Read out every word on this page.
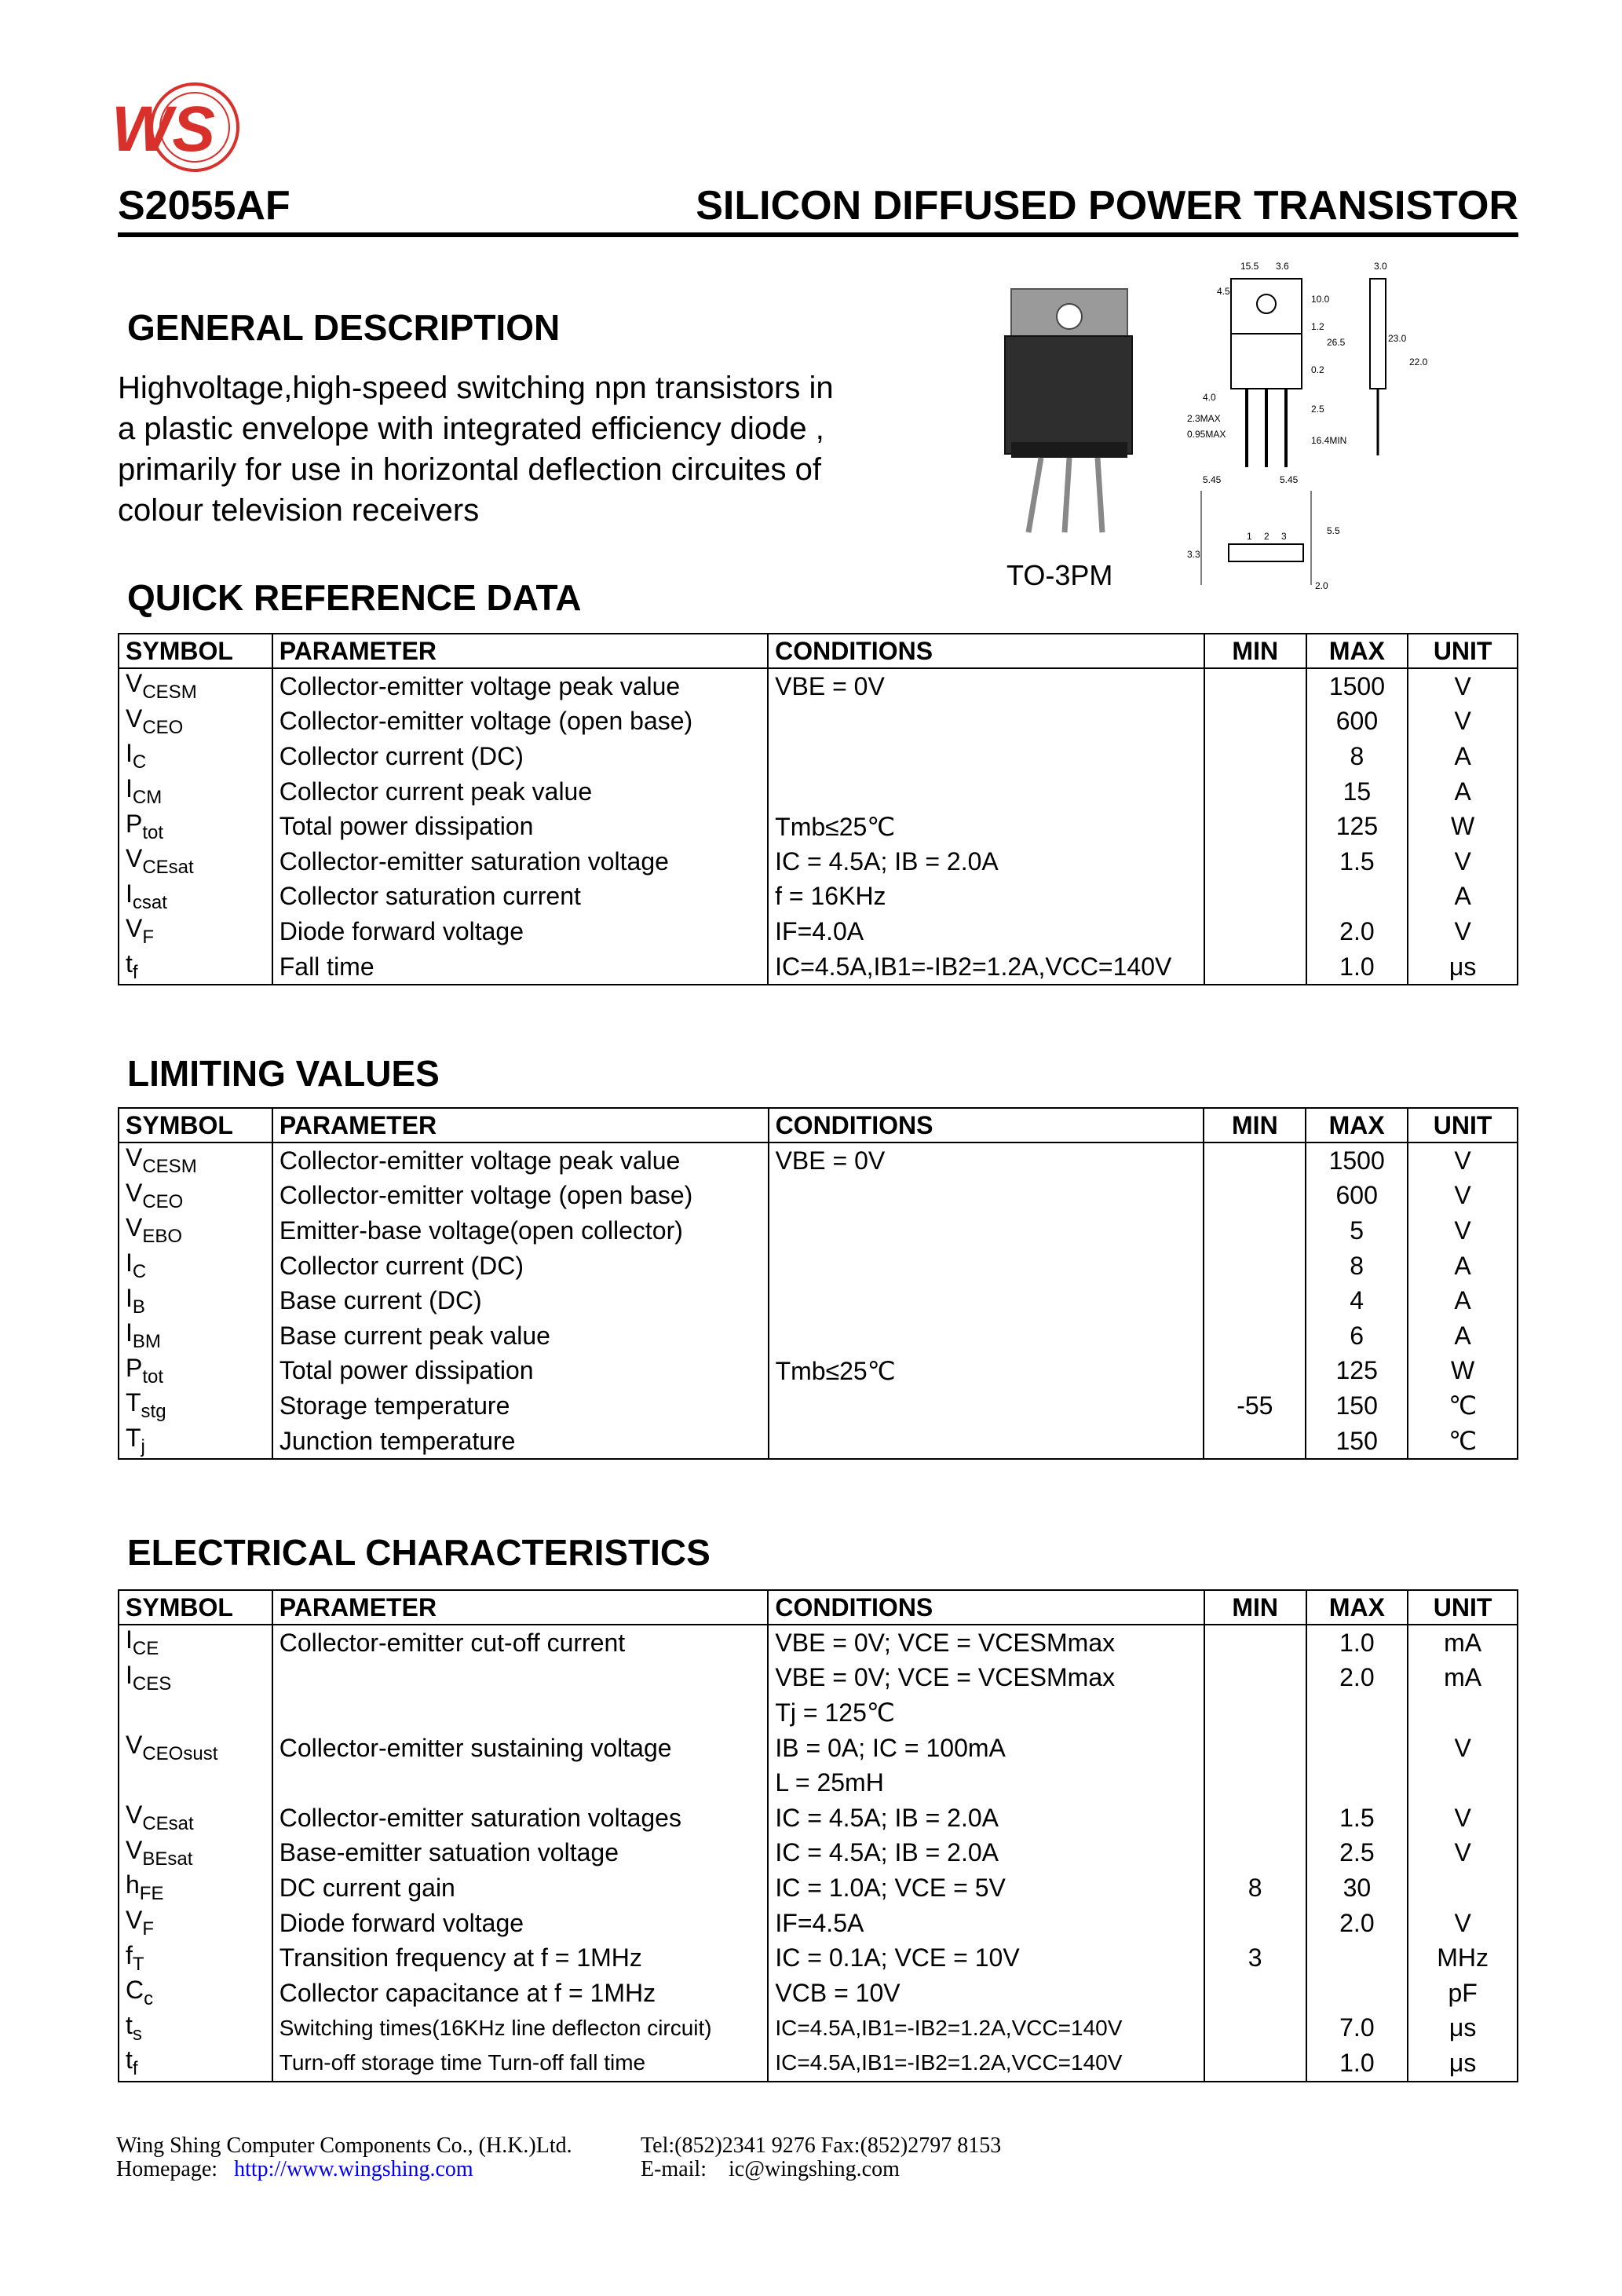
WS
S2055AF	SILICON DIFFUSED POWER TRANSISTOR
GENERAL DESCRIPTION

Highvoltage,high-speed switching npn transistors in

a plastic envelope with integrated efficiency diode ,

primarily for use in horizontal deflection circuites of

colour television receivers

TO-3PM
15.5 3.6	3.0
4.5
10.0
1.2
26.5
0.2
23.0
22.0
2.5
16.4MIN
4.0
2.3MAX
0.95MAX
5.45	5.45
3.3
2.0
5.5
1 2 3
QUICK REFERENCE DATA
LIMITING VALUES
ELECTRICAL CHARACTERISTICS
SYMBOL	PARAMETER	CONDITIONS	MIN	MAX	UNIT
$V_{CESM}$	Collector-emitter voltage peak value	VBE = 0V		1500	V
$V_{CEO}$	Collector-emitter voltage (open base)			600	V
$I_C$	Collector current (DC)			8	A
$I_{CM}$	Collector current peak value			15	A
$P_{tot}$	Total power dissipation	Tmb≤25℃		125	W
$V_{CEsat}$	Collector-emitter saturation voltage	IC = 4.5A; IB = 2.0A		1.5	V
$I_{csat}$	Collector saturation current	f = 16KHz			A
$V_F$	Diode forward voltage	IF=4.0A		2.0	V
$t_f$	Fall time	IC=4.5A,IB1=-IB2=1.2A,VCC=140V		1.0	μs
SYMBOL	PARAMETER	CONDITIONS	MIN	MAX	UNIT
$V_{CESM}$	Collector-emitter voltage peak value	VBE = 0V		1500	V
$V_{CEO}$	Collector-emitter voltage (open base)			600	V
$V_{EBO}$	Emitter-base voltage(open collector)			5	V
$I_C$	Collector current (DC)			8	A
$I_B$	Base current (DC)			4	A
$I_{BM}$	Base current peak value			6	A
$P_{tot}$	Total power dissipation	Tmb≤25℃		125	W
$T_{stg}$	Storage temperature		-55	150	℃
$T_j$	Junction temperature			150	℃
SYMBOL	PARAMETER	CONDITIONS	MIN	MAX	UNIT
$I_{CE}$	Collector-emitter cut-off current	VBE = 0V; VCE = VCESMmax		1.0	mA
$I_{CES}$		VBE = 0V; VCE = VCESMmax		2.0	mA
		Tj = 125℃			
$V_{CEOsust}$	Collector-emitter sustaining voltage	IB = 0A; IC = 100mA			V
		L = 25mH			
$V_{CEsat}$	Collector-emitter saturation voltages	IC = 4.5A; IB = 2.0A		1.5	V
$V_{BEsat}$	Base-emitter satuation voltage	IC = 4.5A; IB = 2.0A		2.5	V
$h_{FE}$	DC current gain	IC = 1.0A; VCE = 5V	8	30	
$V_F$	Diode forward voltage	IF=4.5A		2.0	V
$f_T$	Transition frequency at f = 1MHz	IC = 0.1A; VCE = 10V	3		MHz
$C_c$	Collector capacitance at f = 1MHz	VCB = 10V			pF
$t_s$	Switching times(16KHz line deflecton circuit)	IC=4.5A,IB1=-IB2=1.2A,VCC=140V		7.0	μs
$t_f$	Turn-off storage time Turn-off fall time	IC=4.5A,IB1=-IB2=1.2A,VCC=140V		1.0	μs
Wing Shing Computer Components Co., (H.K.)Ltd.
Homepage: http://www.wingshing.com
Tel:(852)2341 9276 Fax:(852)2797 8153
E-mail: ic@wingshing.com
